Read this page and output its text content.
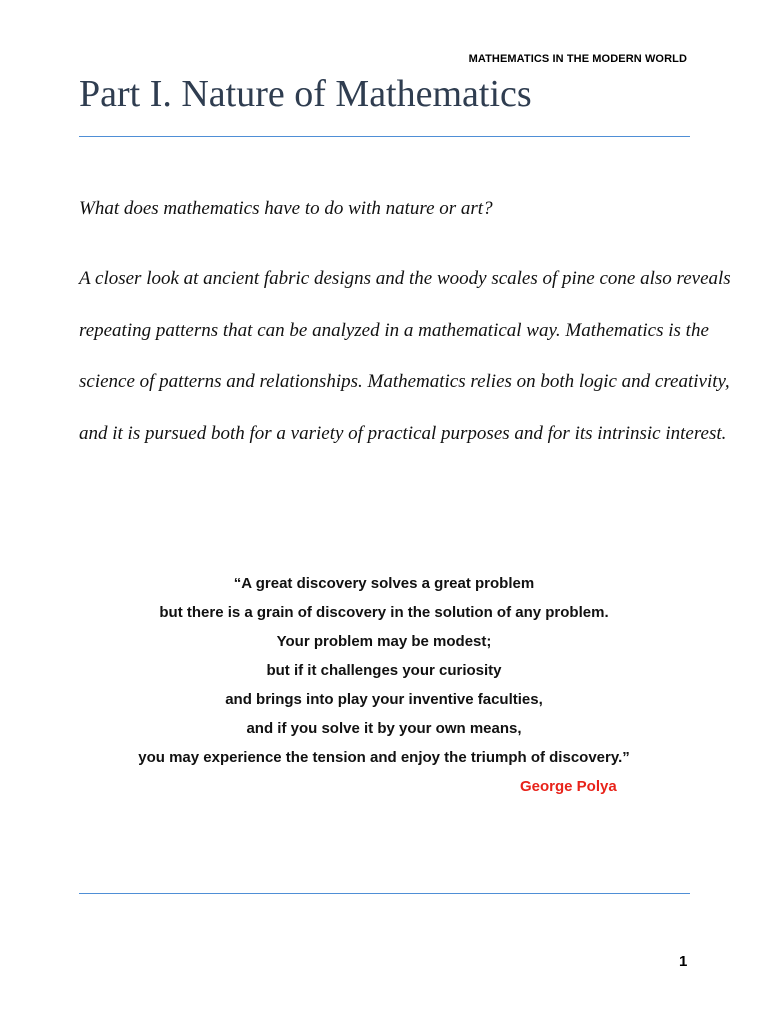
MATHEMATICS IN THE MODERN WORLD
Part I. Nature of Mathematics

What does mathematics have to do with nature or art?

A closer look at ancient fabric designs and the woody scales of pine cone also reveals

repeating patterns that can be analyzed in a mathematical way. Mathematics is the

science of patterns and relationships. Mathematics relies on both logic and creativity,

and it is pursued both for a variety of practical purposes and for its intrinsic interest.

“A great discovery solves a great problem
but there is a grain of discovery in the solution of any problem.
Your problem may be modest;
but if it challenges your curiosity
and brings into play your inventive faculties,
and if you solve it by your own means,
you may experience the tension and enjoy the triumph of discovery.”
George Polya
1
